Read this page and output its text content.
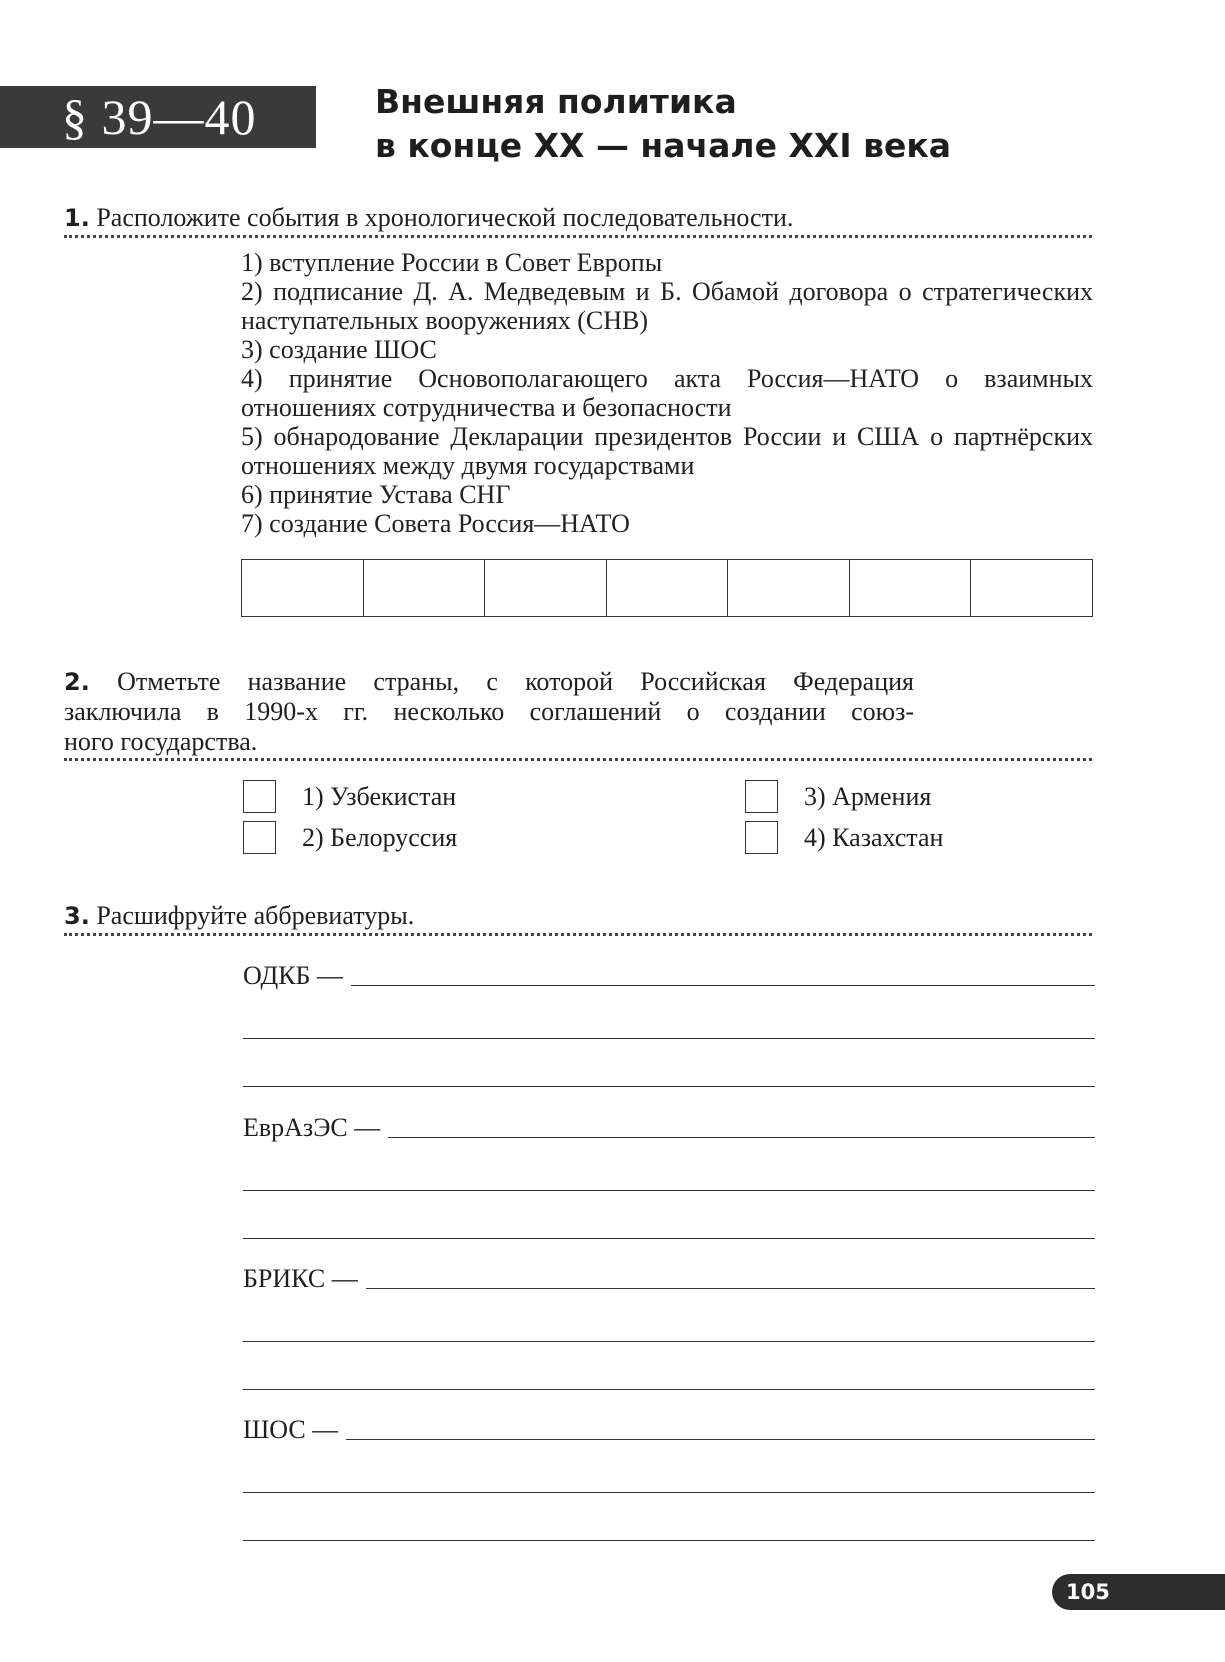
§ 39—40	Внешняя политика
в конце XX — начале XXI века
1. Расположите события в хронологической последовательности.
1) вступление России в Совет Европы
2) подписание Д. А. Медведевым и Б. Обамой договора о стратегических наступательных вооружениях (СНВ)
3) создание ШОС
4) принятие Основополагающего акта Россия—НАТО о взаимных отношениях сотрудничества и безопасности
5) обнародование Декларации президентов России и США о партнёрских отношениях между двумя государствами
6) принятие Устава СНГ
7) создание Совета Россия—НАТО
2. Отметьте название страны, с которой Российская Федерация
заключила в 1990-х гг. несколько соглашений о создании союз-
ного государства.
1) Узбекистан
2) Белоруссия
3) Армения
4) Казахстан
3. Расшифруйте аббревиатуры.
ОДКБ —
ЕврАзЭС —
БРИКС —
ШОС —
105
